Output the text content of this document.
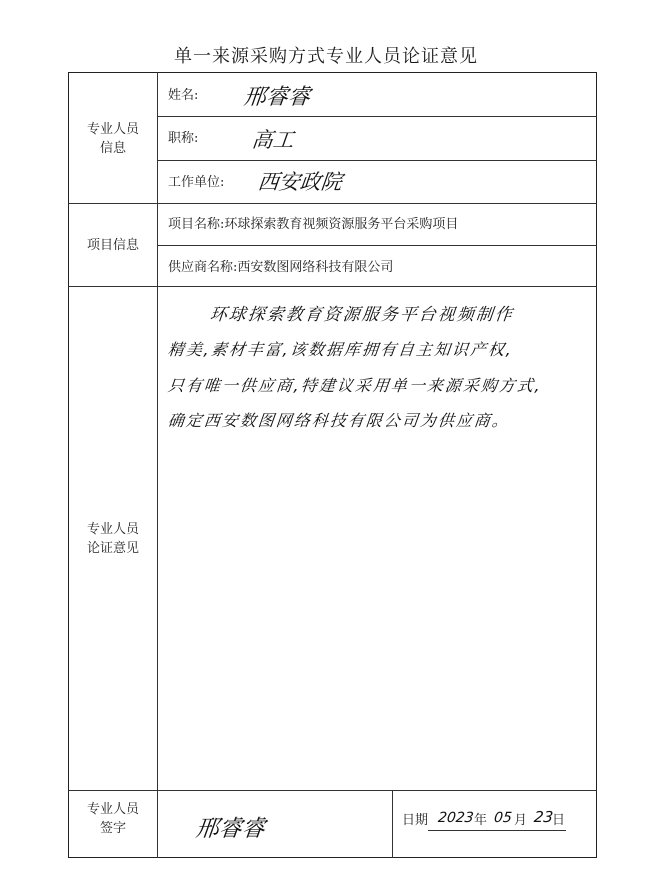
单一来源采购方式专业人员论证意见
专业人员
信息
姓名: 邢睿睿
职称: 高工
工作单位: 西安政院
项目信息
项目名称:环球探索教育视频资源服务平台采购项目
供应商名称:西安数图网络科技有限公司
专业人员
论证意见
环球探索教育资源服务平台视频制作
精美,素材丰富,该数据库拥有自主知识产权,
只有唯一供应商,特建议采用单一来源采购方式,
确定西安数图网络科技有限公司为供应商。
专业人员
签字	邢睿睿	日期 2023 年 05 月 23
日
